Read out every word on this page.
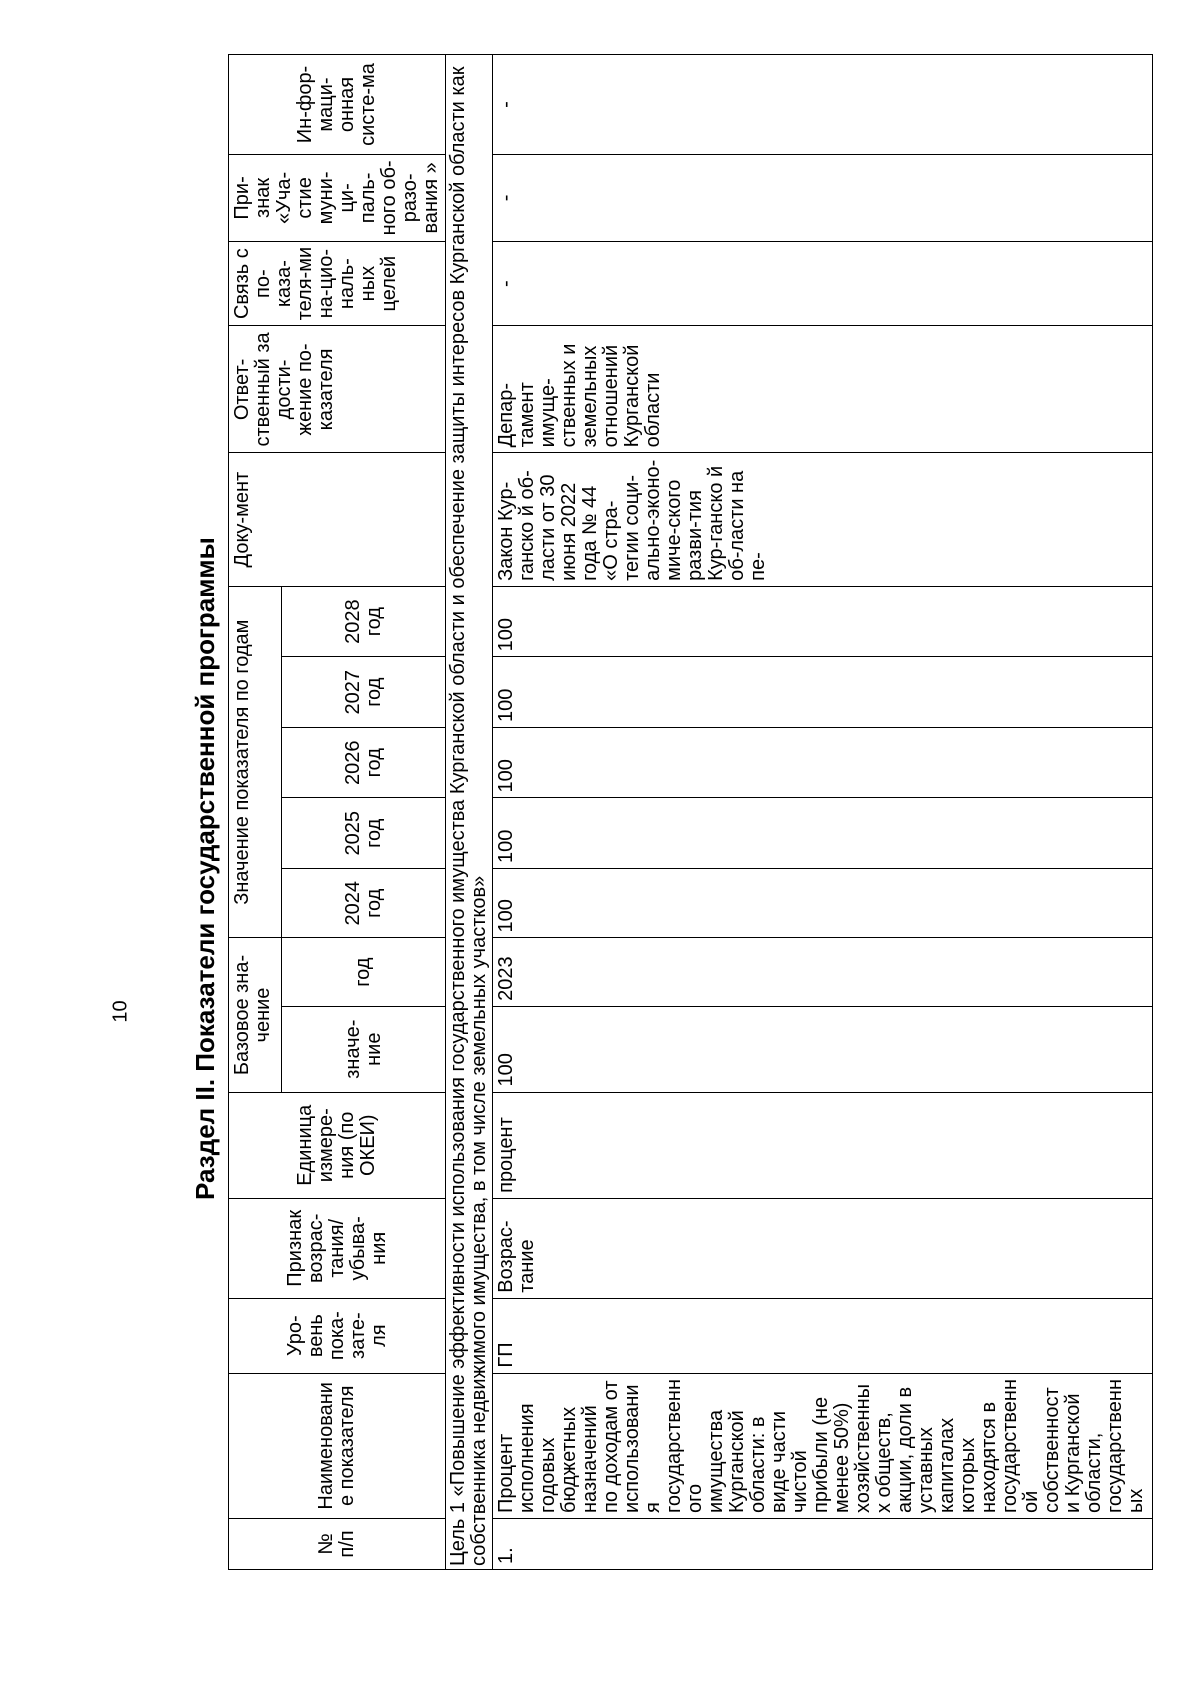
10 Раздел II. Показатели государственной программы
№ п/п	Наименование показателя	Уро-вень пока-зате-ля	Признак возрас-тания/ убыва-ния	Единица измере-ния (по ОКЕИ)	Базовое зна-чение		Значение показателя по годам					Доку-мент	Ответ-ственный за дости-жение по-казателя	Связь с по-каза-теля-ми на-цио-наль-ных целей	При-знак «Уча-стие муни-ци-паль-ного об-разо-вания »	Ин-фор-маци-онная систе-ма
					значе-ние	год	2024 год	2025 год	2026 год	2027 год	2028 год					
Цель 1 «Повышение эффективности использования государственного имущества Курганской области и обеспечение защиты интересов Курганской области как собственника недвижимого имущества, в том числе земельных участков»																
1.	Процент исполнения годовых бюджетных назначений по доходам от использования государственного имущества Курганской области: в виде части чистой прибыли (не менее 50%) хозяйственных обществ, акции, доли в уставных капиталах которых находятся в государственной собственности Курганской области, государственных	ГП	Возрас-тание	процент	100	2023	100	100	100	100	100	Закон Кур-ганско й об-ласти от 30 июня 2022 года № 44 «О стра-тегии соци-ально-эконо-миче-ского разви-тия Кур-ганско й об-ласти на пе-	Депар-тамент имуще-ственных и земельных отношений Курганской области	-	-	-
